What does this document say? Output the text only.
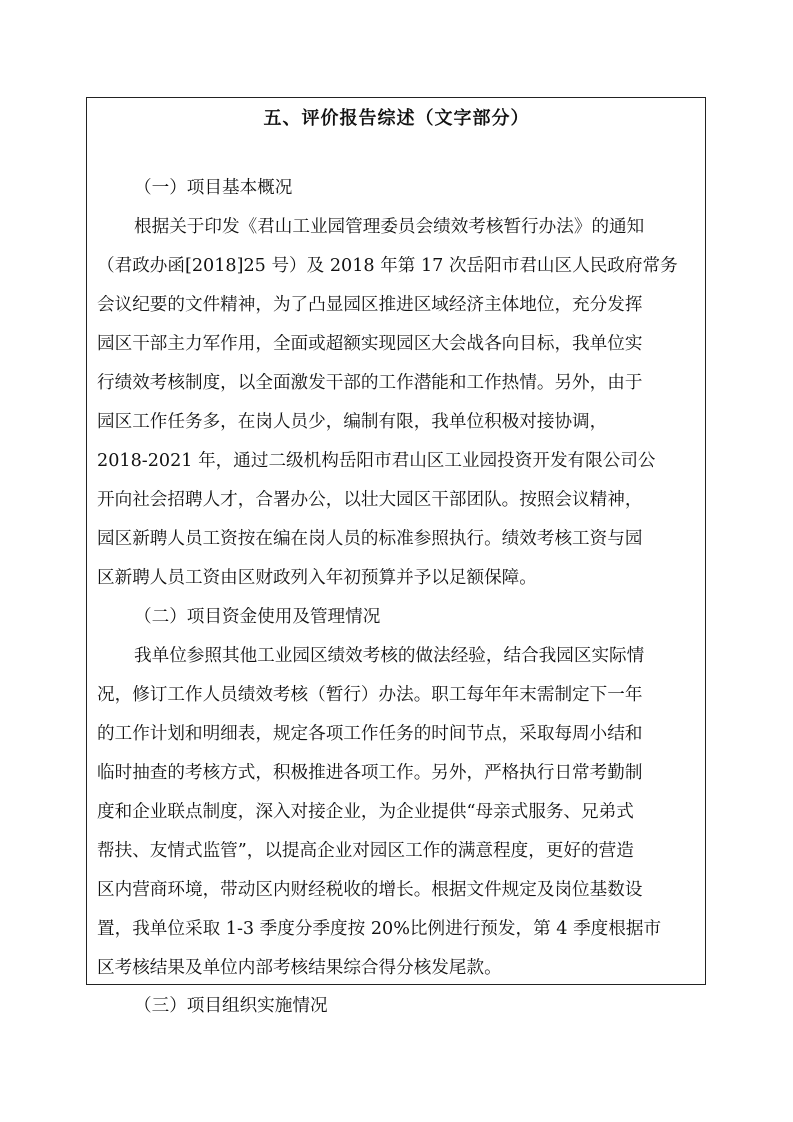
五、评价报告综述（文字部分）
（一）项目基本概况
根据关于印发《君山工业园管理委员会绩效考核暂行办法》的通知
（君政办函[2018]25 号）及 2018 年第 17 次岳阳市君山区人民政府常务
会议纪要的文件精神，为了凸显园区推进区域经济主体地位，充分发挥
园区干部主力军作用，全面或超额实现园区大会战各向目标，我单位实
行绩效考核制度，以全面激发干部的工作潜能和工作热情。另外，由于
园区工作任务多，在岗人员少，编制有限，我单位积极对接协调，
2018-2021 年，通过二级机构岳阳市君山区工业园投资开发有限公司公
开向社会招聘人才，合署办公，以壮大园区干部团队。按照会议精神，
园区新聘人员工资按在编在岗人员的标准参照执行。绩效考核工资与园
区新聘人员工资由区财政列入年初预算并予以足额保障。
（二）项目资金使用及管理情况
我单位参照其他工业园区绩效考核的做法经验，结合我园区实际情
况，修订工作人员绩效考核（暂行）办法。职工每年年末需制定下一年
的工作计划和明细表，规定各项工作任务的时间节点，采取每周小结和
临时抽查的考核方式，积极推进各项工作。另外，严格执行日常考勤制
度和企业联点制度，深入对接企业，为企业提供“母亲式服务、兄弟式
帮扶、友情式监管”，以提高企业对园区工作的满意程度，更好的营造
区内营商环境，带动区内财经税收的增长。根据文件规定及岗位基数设
置，我单位采取 1-3 季度分季度按 20%比例进行预发，第 4 季度根据市
区考核结果及单位内部考核结果综合得分核发尾款。
（三）项目组织实施情况
